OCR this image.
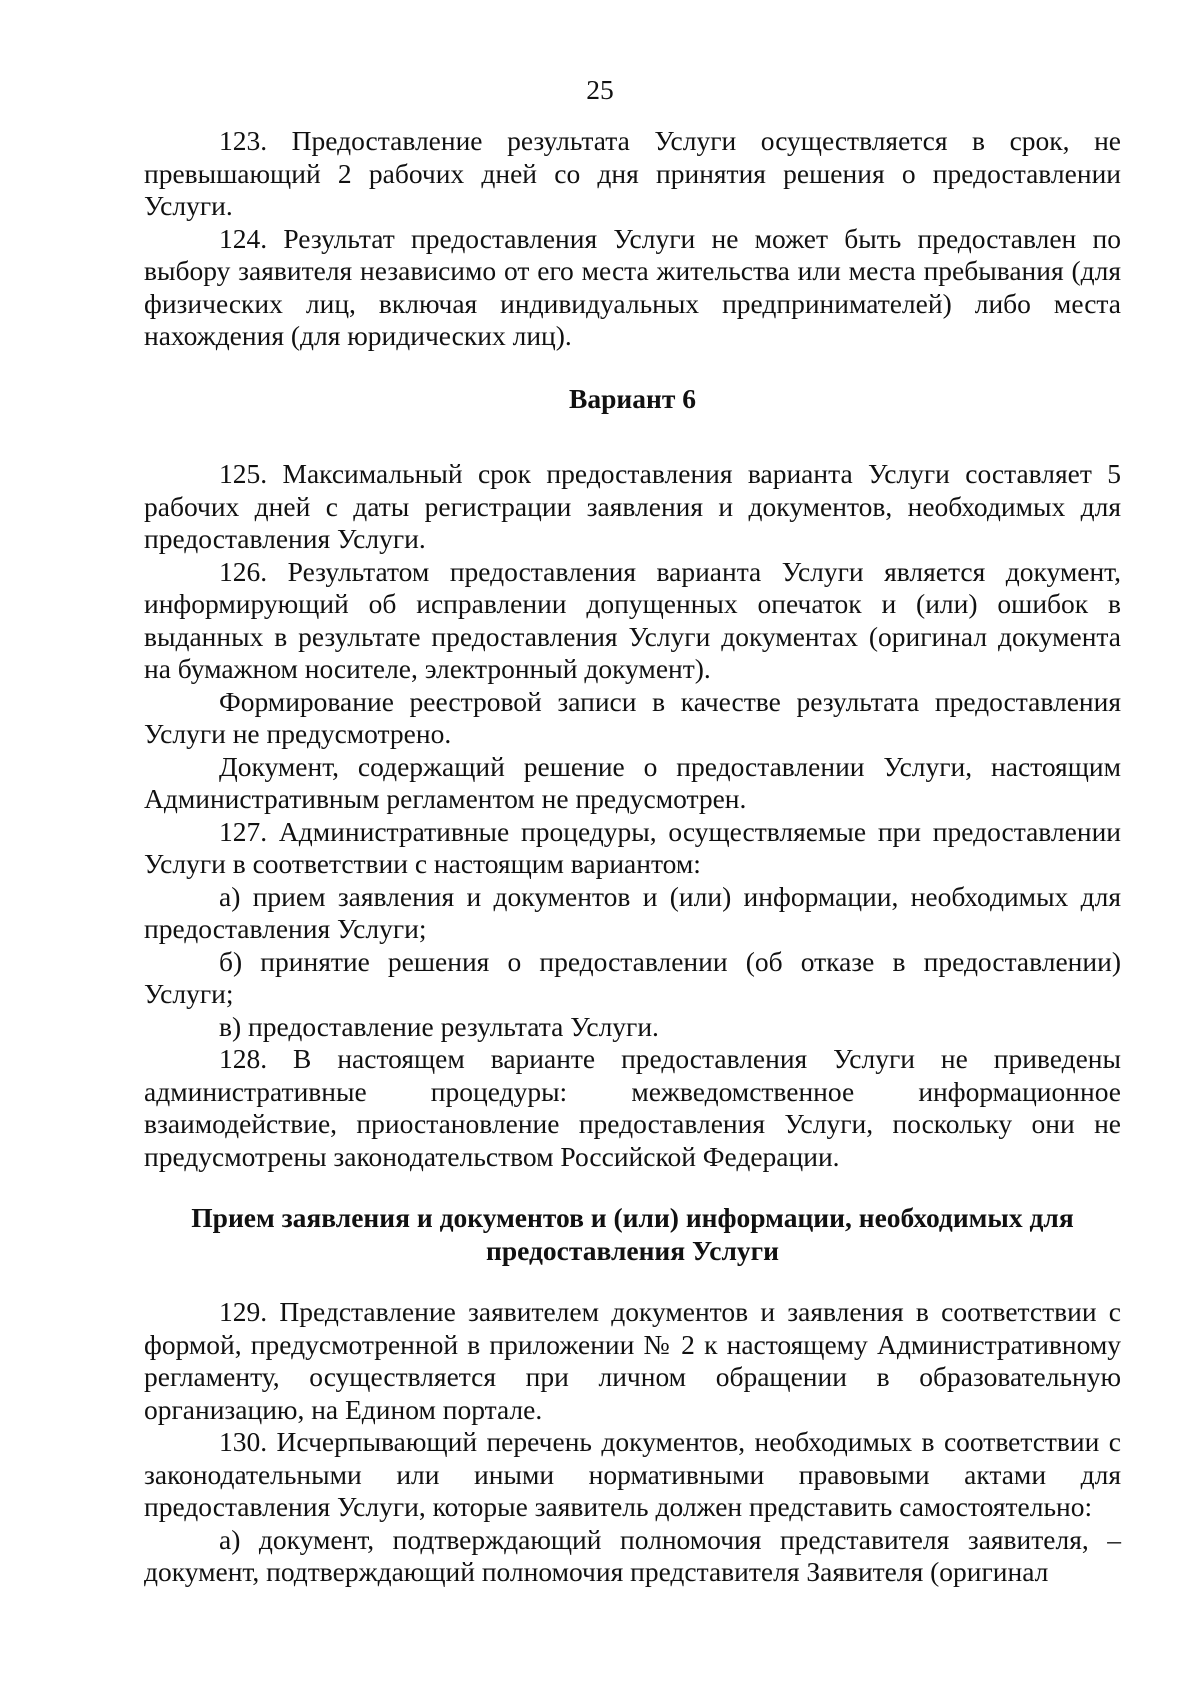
25

123. Предоставление результата Услуги осуществляется в срок, не превышающий 2 рабочих дней со дня принятия решения о предоставлении Услуги.

124. Результат предоставления Услуги не может быть предоставлен по выбору заявителя независимо от его места жительства или места пребывания (для физических лиц, включая индивидуальных предпринимателей) либо места нахождения (для юридических лиц).

Вариант 6

125. Максимальный срок предоставления варианта Услуги составляет 5 рабочих дней с даты регистрации заявления и документов, необходимых для предоставления Услуги.

126. Результатом предоставления варианта Услуги является документ, информирующий об исправлении допущенных опечаток и (или) ошибок в выданных в результате предоставления Услуги документах (оригинал документа на бумажном носителе, электронный документ).

Формирование реестровой записи в качестве результата предоставления Услуги не предусмотрено.

Документ, содержащий решение о предоставлении Услуги, настоящим Административным регламентом не предусмотрен.

127. Административные процедуры, осуществляемые при предоставлении Услуги в соответствии с настоящим вариантом:

а) прием заявления и документов и (или) информации, необходимых для предоставления Услуги;

б) принятие решения о предоставлении (об отказе в предоставлении) Услуги;

в) предоставление результата Услуги.

128. В настоящем варианте предоставления Услуги не приведены административные процедуры: межведомственное информационное взаимодействие, приостановление предоставления Услуги, поскольку они не предусмотрены законодательством Российской Федерации.

Прием заявления и документов и (или) информации, необходимых для
предоставления Услуги

129. Представление заявителем документов и заявления в соответствии с формой, предусмотренной в приложении № 2 к настоящему Административному регламенту, осуществляется при личном обращении в образовательную организацию, на Едином портале.

130. Исчерпывающий перечень документов, необходимых в соответствии с законодательными или иными нормативными правовыми актами для предоставления Услуги, которые заявитель должен представить самостоятельно:

а) документ, подтверждающий полномочия представителя заявителя, – документ, подтверждающий полномочия представителя Заявителя (оригинал
